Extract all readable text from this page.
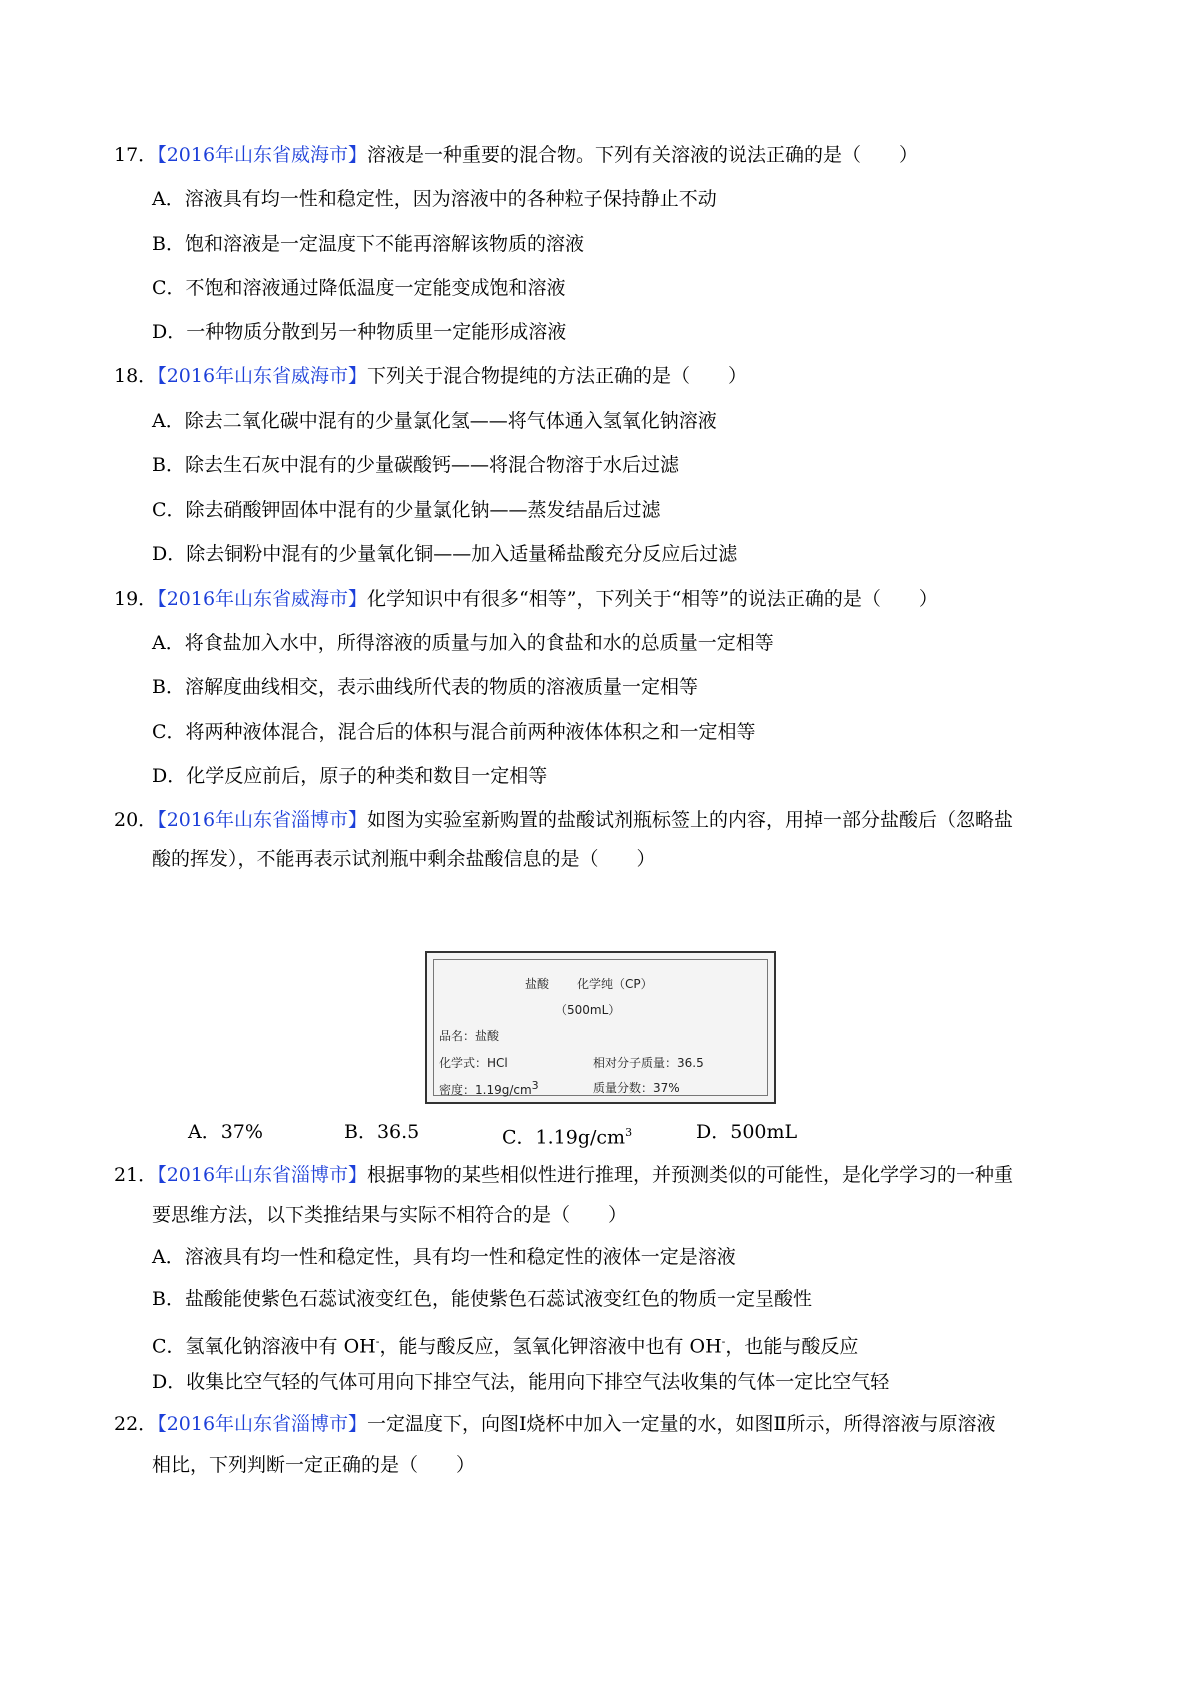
17．【2016年山东省威海市】溶液是一种重要的混合物。下列有关溶液的说法正确的是（　　）
A．溶液具有均一性和稳定性，因为溶液中的各种粒子保持静止不动
B．饱和溶液是一定温度下不能再溶解该物质的溶液
C．不饱和溶液通过降低温度一定能变成饱和溶液
D．一种物质分散到另一种物质里一定能形成溶液
18．【2016年山东省威海市】下列关于混合物提纯的方法正确的是（　　）
A．除去二氧化碳中混有的少量氯化氢——将气体通入氢氧化钠溶液
B．除去生石灰中混有的少量碳酸钙——将混合物溶于水后过滤
C．除去硝酸钾固体中混有的少量氯化钠——蒸发结晶后过滤
D．除去铜粉中混有的少量氧化铜——加入适量稀盐酸充分反应后过滤
19．【2016年山东省威海市】化学知识中有很多“相等”，下列关于“相等”的说法正确的是（　　）
A．将食盐加入水中，所得溶液的质量与加入的食盐和水的总质量一定相等
B．溶解度曲线相交，表示曲线所代表的物质的溶液质量一定相等
C．将两种液体混合，混合后的体积与混合前两种液体体积之和一定相等
D．化学反应前后，原子的种类和数目一定相等
20．【2016年山东省淄博市】如图为实验室新购置的盐酸试剂瓶标签上的内容，用掉一部分盐酸后（忽略盐
酸的挥发），不能再表示试剂瓶中剩余盐酸信息的是（　　）
盐酸 化学纯（CP）
（500mL）
品名：盐酸
化学式：HCl	相对分子质量：36.5
密度：$1.19g/cm^3$	质量分数：37%
A．37%	B．36.5	C．$1.19g/cm^3$	D．500mL
21．【2016年山东省淄博市】根据事物的某些相似性进行推理，并预测类似的可能性，是化学学习的一种重
要思维方法，以下类推结果与实际不相符合的是（　　）
A．溶液具有均一性和稳定性，具有均一性和稳定性的液体一定是溶液
B．盐酸能使紫色石蕊试液变红色，能使紫色石蕊试液变红色的物质一定呈酸性
C．氢氧化钠溶液中有 OH-，能与酸反应，氢氧化钾溶液中也有 OH-，也能与酸反应
D．收集比空气轻的气体可用向下排空气法，能用向下排空气法收集的气体一定比空气轻
22．【2016年山东省淄博市】一定温度下，向图Ⅰ烧杯中加入一定量的水，如图Ⅱ所示，所得溶液与原溶液
相比，下列判断一定正确的是（　　）
